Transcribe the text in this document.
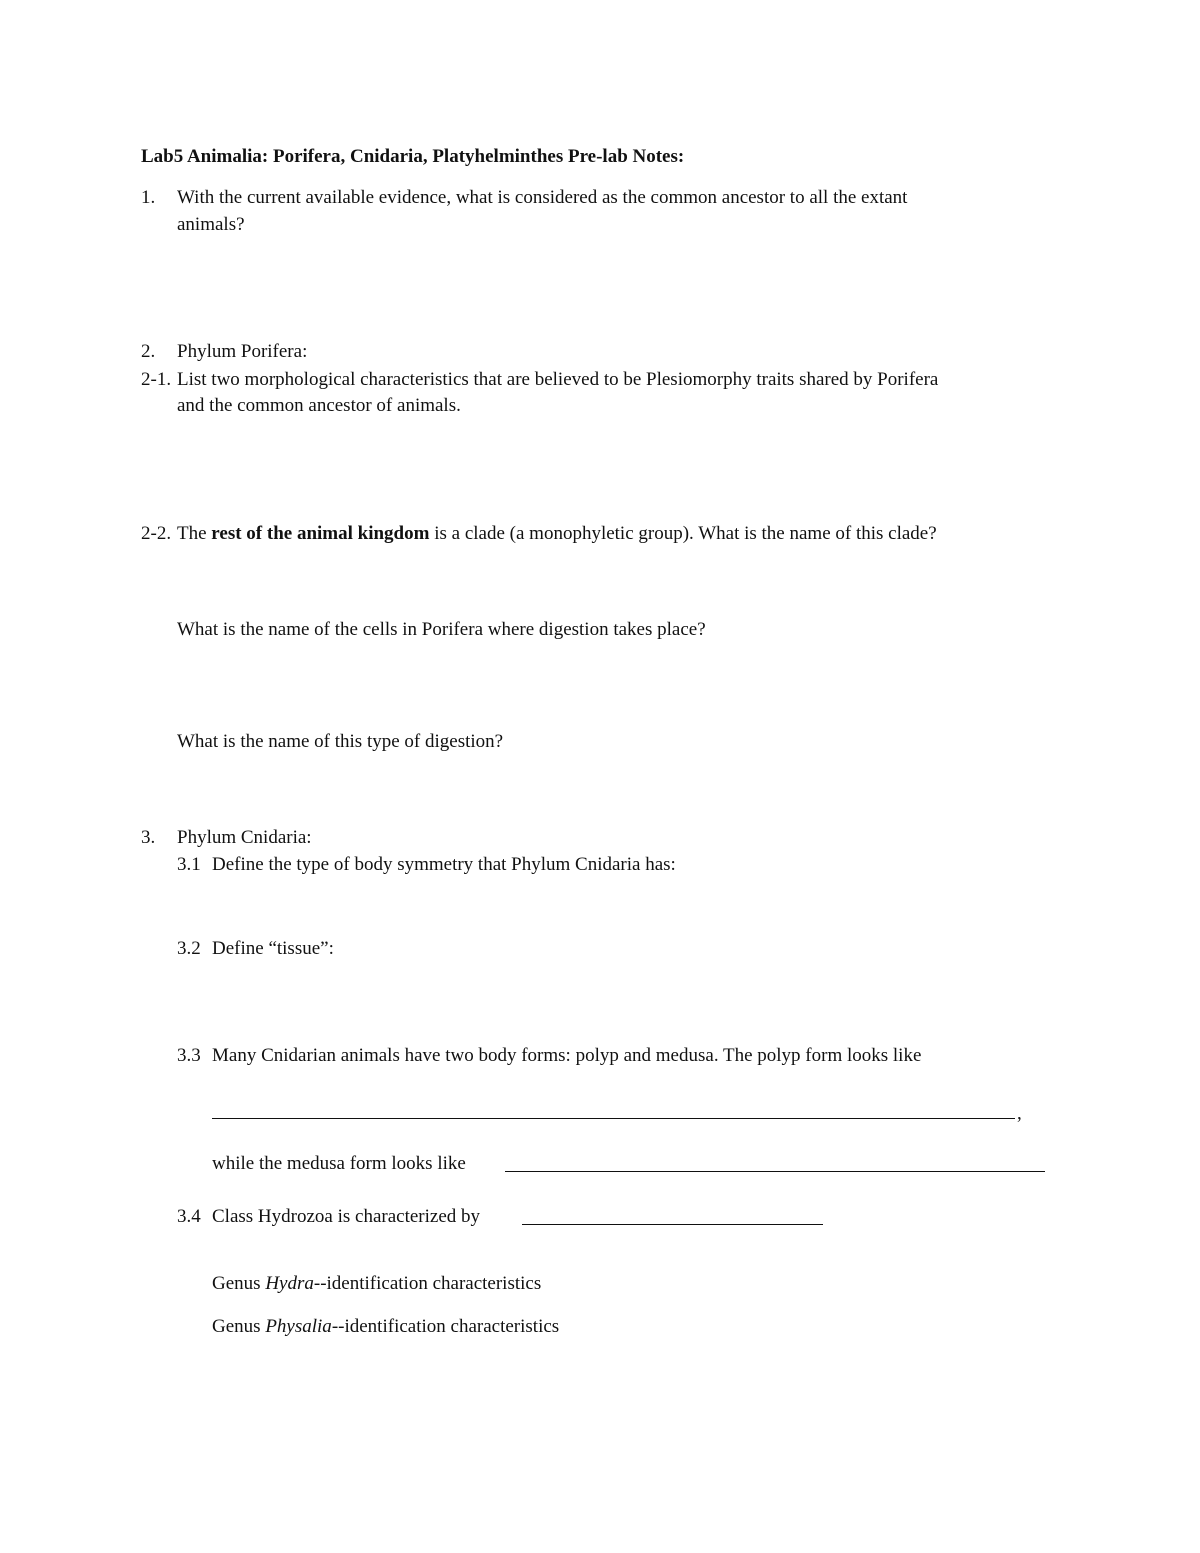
Lab5 Animalia: Porifera, Cnidaria, Platyhelminthes Pre-lab Notes:
1. With the current available evidence, what is considered as the common ancestor to all the extant
animals?
2. Phylum Porifera:
2-1. List two morphological characteristics that are believed to be Plesiomorphy traits shared by Porifera
and the common ancestor of animals.
2-2. The rest of the animal kingdom is a clade (a monophyletic group). What is the name of this clade?
What is the name of the cells in Porifera where digestion takes place?
What is the name of this type of digestion?
3. Phylum Cnidaria:
3.1 Define the type of body symmetry that Phylum Cnidaria has:
3.2 Define “tissue”:
3.3 Many Cnidarian animals have two body forms: polyp and medusa. The polyp form looks like
,
while the medusa form looks like
3.4 Class Hydrozoa is characterized by
Genus Hydra--identification characteristics
Genus Physalia--identification characteristics
